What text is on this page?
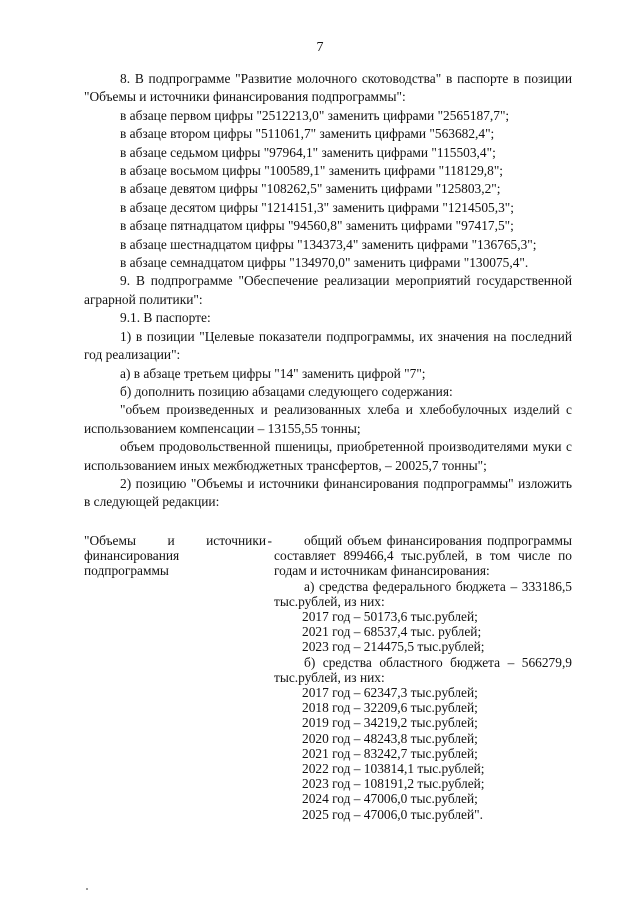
7

8. В подпрограмме "Развитие молочного скотоводства" в паспорте в позиции "Объемы и источники финансирования подпрограммы":

в абзаце первом цифры "2512213,0" заменить цифрами "2565187,7";

в абзаце втором цифры "511061,7" заменить цифрами "563682,4";

в абзаце седьмом цифры "97964,1" заменить цифрами "115503,4";

в абзаце восьмом цифры "100589,1" заменить цифрами "118129,8";

в абзаце девятом цифры "108262,5" заменить цифрами "125803,2";

в абзаце десятом цифры "1214151,3" заменить цифрами "1214505,3";

в абзаце пятнадцатом цифры "94560,8" заменить цифрами "97417,5";

в абзаце шестнадцатом цифры "134373,4" заменить цифрами "136765,3";

в абзаце семнадцатом цифры "134970,0" заменить цифрами "130075,4".

9. В подпрограмме "Обеспечение реализации мероприятий государственной аграрной политики":

9.1. В паспорте:

1) в позиции "Целевые показатели подпрограммы, их значения на последний год реализации":

а) в абзаце третьем цифры "14" заменить цифрой "7";

б) дополнить позицию абзацами следующего содержания:

"объем произведенных и реализованных хлеба и хлебобулочных изделий с использованием компенсации – 13155,55 тонны;

объем продовольственной пшеницы, приобретенной производителями муки с использованием иных межбюджетных трансфертов, – 20025,7 тонны";

2) позицию "Объемы и источники финансирования подпрограммы" изложить в следующей редакции:

"Объемы и источники финансирования подпрограммы
-	общий объем финансирования подпрограммы составляет 899466,4 тыс.рублей, в том числе по годам и источникам финансирования:

а) средства федерального бюджета – 333186,5 тыс.рублей, из них:

2017 год – 50173,6 тыс.рублей;

2021 год – 68537,4 тыс. рублей;

2023 год – 214475,5 тыс.рублей;

б) средства областного бюджета – 566279,9 тыс.рублей, из них:

2017 год – 62347,3 тыс.рублей;

2018 год – 32209,6 тыс.рублей;

2019 год – 34219,2 тыс.рублей;

2020 год – 48243,8 тыс.рублей;

2021 год – 83242,7 тыс.рублей;

2022 год – 103814,1 тыс.рублей;

2023 год – 108191,2 тыс.рублей;

2024 год – 47006,0 тыс.рублей;

2025 год – 47006,0 тыс.рублей".
